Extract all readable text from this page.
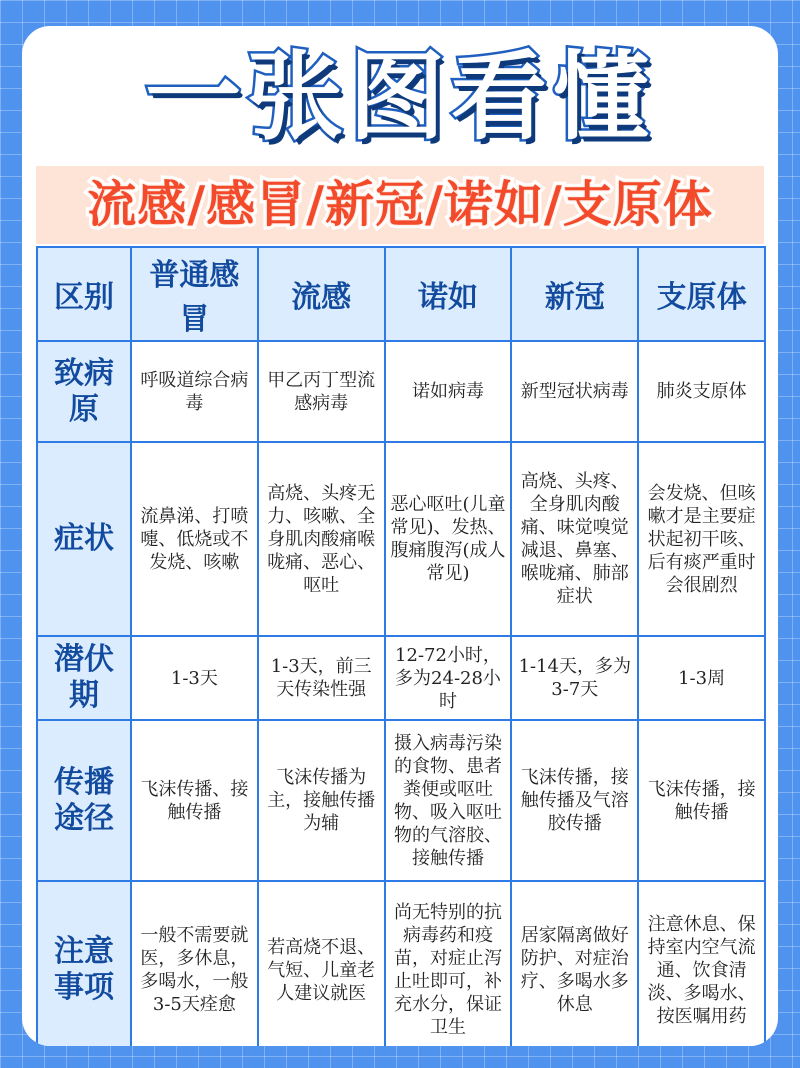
一张图看懂
流感/感冒/新冠/诺如/支原体
区别	普通感冒	流感	诺如	新冠	支原体
致病原	呼吸道综合病毒	甲乙丙丁型流感病毒	诺如病毒	新型冠状病毒	肺炎支原体
症状	流鼻涕、打喷嚏、低烧或不发烧、咳嗽	高烧、头疼无力、咳嗽、全身肌肉酸痛喉咙痛、恶心、呕吐	恶心呕吐(儿童常见)、发热、腹痛腹泻(成人常见)	高烧、头疼、全身肌肉酸痛、味觉嗅觉减退、鼻塞、喉咙痛、肺部症状	会发烧、但咳嗽才是主要症状起初干咳、后有痰严重时会很剧烈
潜伏期	1-3天	1-3天，前三天传染性强	12-72小时，多为24-28小时	1-14天，多为3-7天	1-3周
传播途径	飞沫传播、接触传播	飞沫传播为主，接触传播为辅	摄入病毒污染的食物、患者粪便或呕吐物、吸入呕吐物的气溶胶、接触传播	飞沫传播，接触传播及气溶胶传播	飞沫传播，接触传播
注意事项	一般不需要就医，多休息，多喝水，一般3-5天痊愈	若高烧不退、气短、儿童老人建议就医	尚无特别的抗病毒药和疫苗，对症止泻止吐即可，补充水分，保证卫生	居家隔离做好防护、对症治疗、多喝水多休息	注意休息、保持室内空气流通、饮食清淡、多喝水、按医嘱用药
